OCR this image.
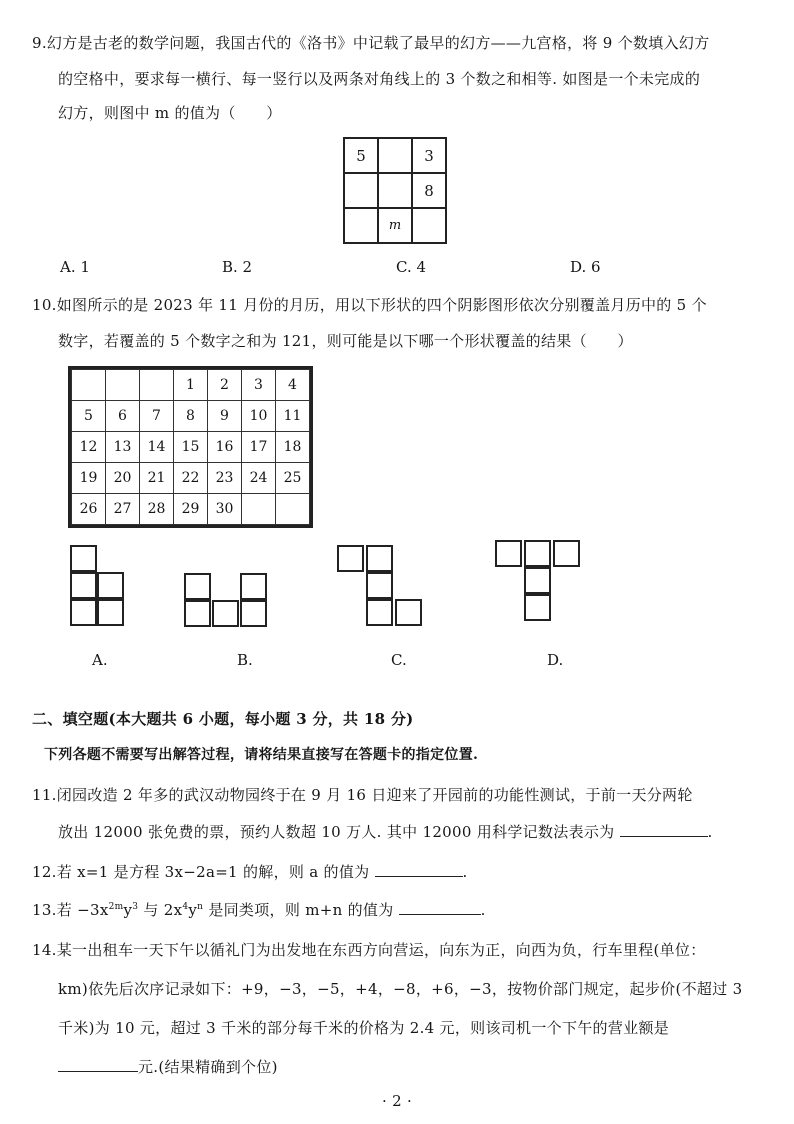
9.幻方是古老的数学问题，我国古代的《洛书》中记载了最早的幻方——九宫格，将 9 个数填入幻方
的空格中，要求每一横行、每一竖行以及两条对角线上的 3 个数之和相等. 如图是一个未完成的
幻方，则图中 m 的值为（　　）
5		3
		8
	m	
A. 1	B. 2	C. 4	D. 6
10.如图所示的是 2023 年 11 月份的月历，用以下形状的四个阴影图形依次分别覆盖月历中的 5 个
数字，若覆盖的 5 个数字之和为 121，则可能是以下哪一个形状覆盖的结果（　　）
			1	2	3	4
5	6	7	8	9	10	11
12	13	14	15	16	17	18
19	20	21	22	23	24	25
26	27	28	29	30		
A.	B.	C.	D.
二、填空题(本大题共 6 小题，每小题 3 分，共 18 分)
下列各题不需要写出解答过程，请将结果直接写在答题卡的指定位置.
11.闭园改造 2 年多的武汉动物园终于在 9 月 16 日迎来了开园前的功能性测试，于前一天分两轮
放出 12000 张免费的票，预约人数超 10 万人. 其中 12000 用科学记数法表示为	.
12.若 x=1 是方程 3x−2a=1 的解，则 a 的值为	.
13.若 $-3x^{2m}y^3$ 与 $2x^4y^n$ 是同类项，则 m+n 的值为	.
14.某一出租车一天下午以循礼门为出发地在东西方向营运，向东为正，向西为负，行车里程(单位：
km)依先后次序记录如下：+9，−3，−5，+4，−8，+6，−3，按物价部门规定，起步价(不超过 3
千米)为 10 元，超过 3 千米的部分每千米的价格为 2.4 元，则该司机一个下午的营业额是
元.(结果精确到个位)
· 2 ·
